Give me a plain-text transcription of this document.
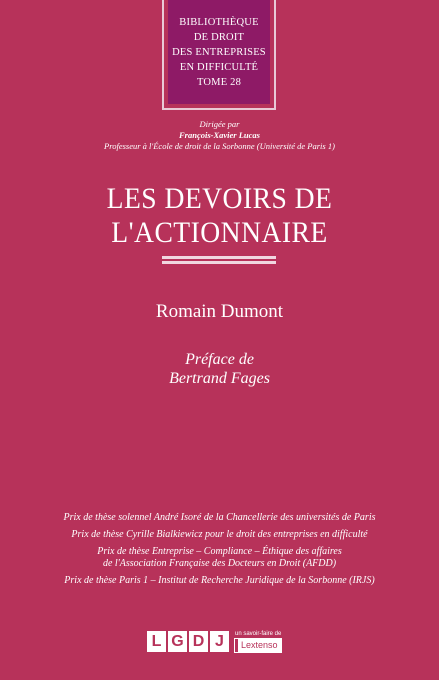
BIBLIOTHÈQUE
DE DROIT
DES ENTREPRISES
EN DIFFICULTÉ
TOME 28
Dirigée par
François-Xavier Lucas
Professeur à l'École de droit de la Sorbonne (Université de Paris 1)
LES DEVOIRS DE L'ACTIONNAIRE
Romain Dumont
Préface de
Bertrand Fages
Prix de thèse solennel André Isoré de la Chancellerie des universités de Paris
Prix de thèse Cyrille Bialkiewicz pour le droit des entreprises en difficulté
Prix de thèse Entreprise – Compliance – Éthique des affaires
de l'Association Française des Docteurs en Droit (AFDD)
Prix de thèse Paris 1 – Institut de Recherche Juridique de la Sorbonne (IRJS)
L G D J	un savoir-faire de
Lextenso
